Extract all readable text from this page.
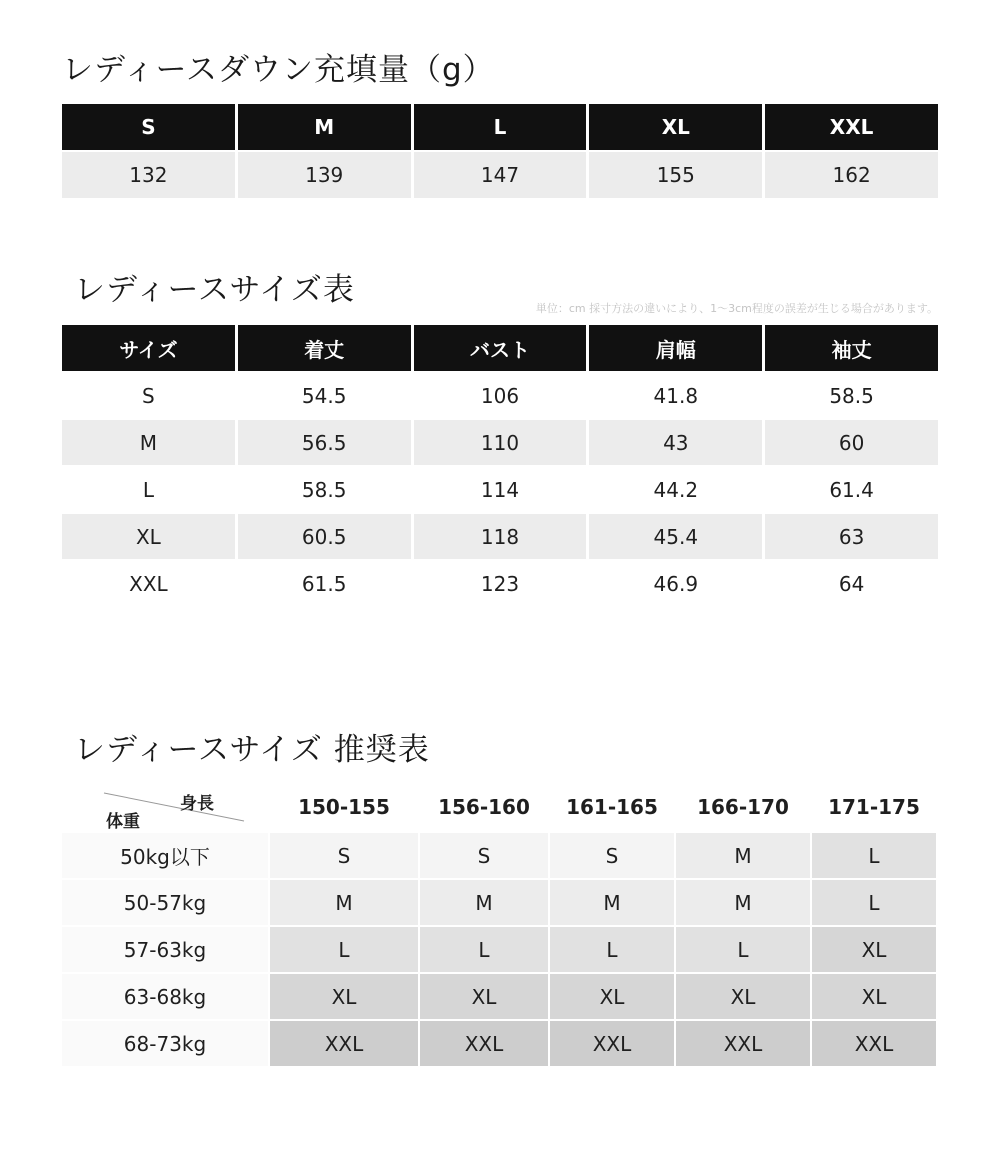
レディースダウン充填量（g）
S	M	L	XL	XXL
132	139	147	155	162
レディースサイズ表
単位：cm 採寸方法の違いにより、1〜3cm程度の誤差が生じる場合があります。
サイズ	着丈	バスト	肩幅	袖丈
S	54.5	106	41.8	58.5
M	56.5	110	43	60
L	58.5	114	44.2	61.4
XL	60.5	118	45.4	63
XXL	61.5	123	46.9	64
レディースサイズ 推奨表
身長
体重	150-155	156-160	161-165	166-170	171-175
50kg以下	S	S	S	M	L
50-57kg	M	M	M	M	L
57-63kg	L	L	L	L	XL
63-68kg	XL	XL	XL	XL	XL
68-73kg	XXL	XXL	XXL	XXL	XXL
